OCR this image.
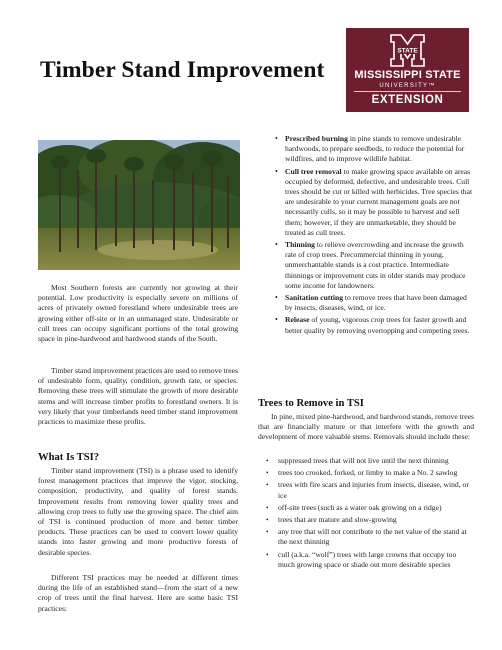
Timber Stand Improvement
STATE
MISSISSIPPI STATE
UNIVERSITY™
EXTENSION

Most Southern forests are currently not growing at their potential. Low productivity is especially severe on millions of acres of privately owned forestland where undesirable trees are growing either off-site or in an unmanaged state. Undesirable or cull trees can occupy significant portions of the total growing space in pine-hardwood and hardwood stands of the South.

Timber stand improvement practices are used to remove trees of undesirable form, quality, condition, growth rate, or species. Removing these trees will stimulate the growth of more desirable stems and will increase timber profits to forestland owners. It is very likely that your timberlands need timber stand improvement practices to maximize these profits.

What Is TSI?

Timber stand improvement (TSI) is a phrase used to identify forest management practices that improve the vigor, stocking, composition, productivity, and quality of forest stands. Improvement results from removing lower quality trees and allowing crop trees to fully use the growing space. The chief aim of TSI is continued production of more and better timber products. These practices can be used to convert lower quality stands into faster growing and more productive forests of desirable species.

Different TSI practices may be needed at different times during the life of an established stand—from the start of a new crop of trees until the final harvest. Here are some basic TSI practices:

• Prescribed burning in pine stands to remove undesirable hardwoods, to prepare seedbeds, to reduce the potential for wildfires, and to improve wildlife habitat.
• Cull tree removal to make growing space available on areas occupied by deformed, defective, and undesirable trees. Cull trees should be cut or killed with herbicides. Tree species that are undesirable to your current management goals are not necessarily culls, so it may be possible to harvest and sell them; however, if they are unmarketable, they should be treated as cull trees.
• Thinning to relieve overcrowding and increase the growth rate of crop trees. Precommercial thinning in young, unmerchantable stands is a cost practice. Intermediate thinnings or improvement cuts in older stands may produce some income for landowners.
• Sanitation cutting to remove trees that have been damaged by insects, diseases, wind, or ice.
• Release of young, vigorous crop trees for faster growth and better quality by removing overtopping and competing trees.
Trees to Remove in TSI

In pine, mixed pine-hardwood, and hardwood stands, remove trees that are financially mature or that interfere with the growth and development of more valuable stems. Removals should include these:

• suppressed trees that will not live until the next thinning
• trees too crooked, forked, or limby to make a No. 2 sawlog
• trees with fire scars and injuries from insects, disease, wind, or ice
• off-site trees (such as a water oak growing on a ridge)
• trees that are mature and slow-growing
• any tree that will not contribute to the net value of the stand at the next thinning
• cull (a.k.a. “wolf”) trees with large crowns that occupy too much growing space or shade out more desirable species
